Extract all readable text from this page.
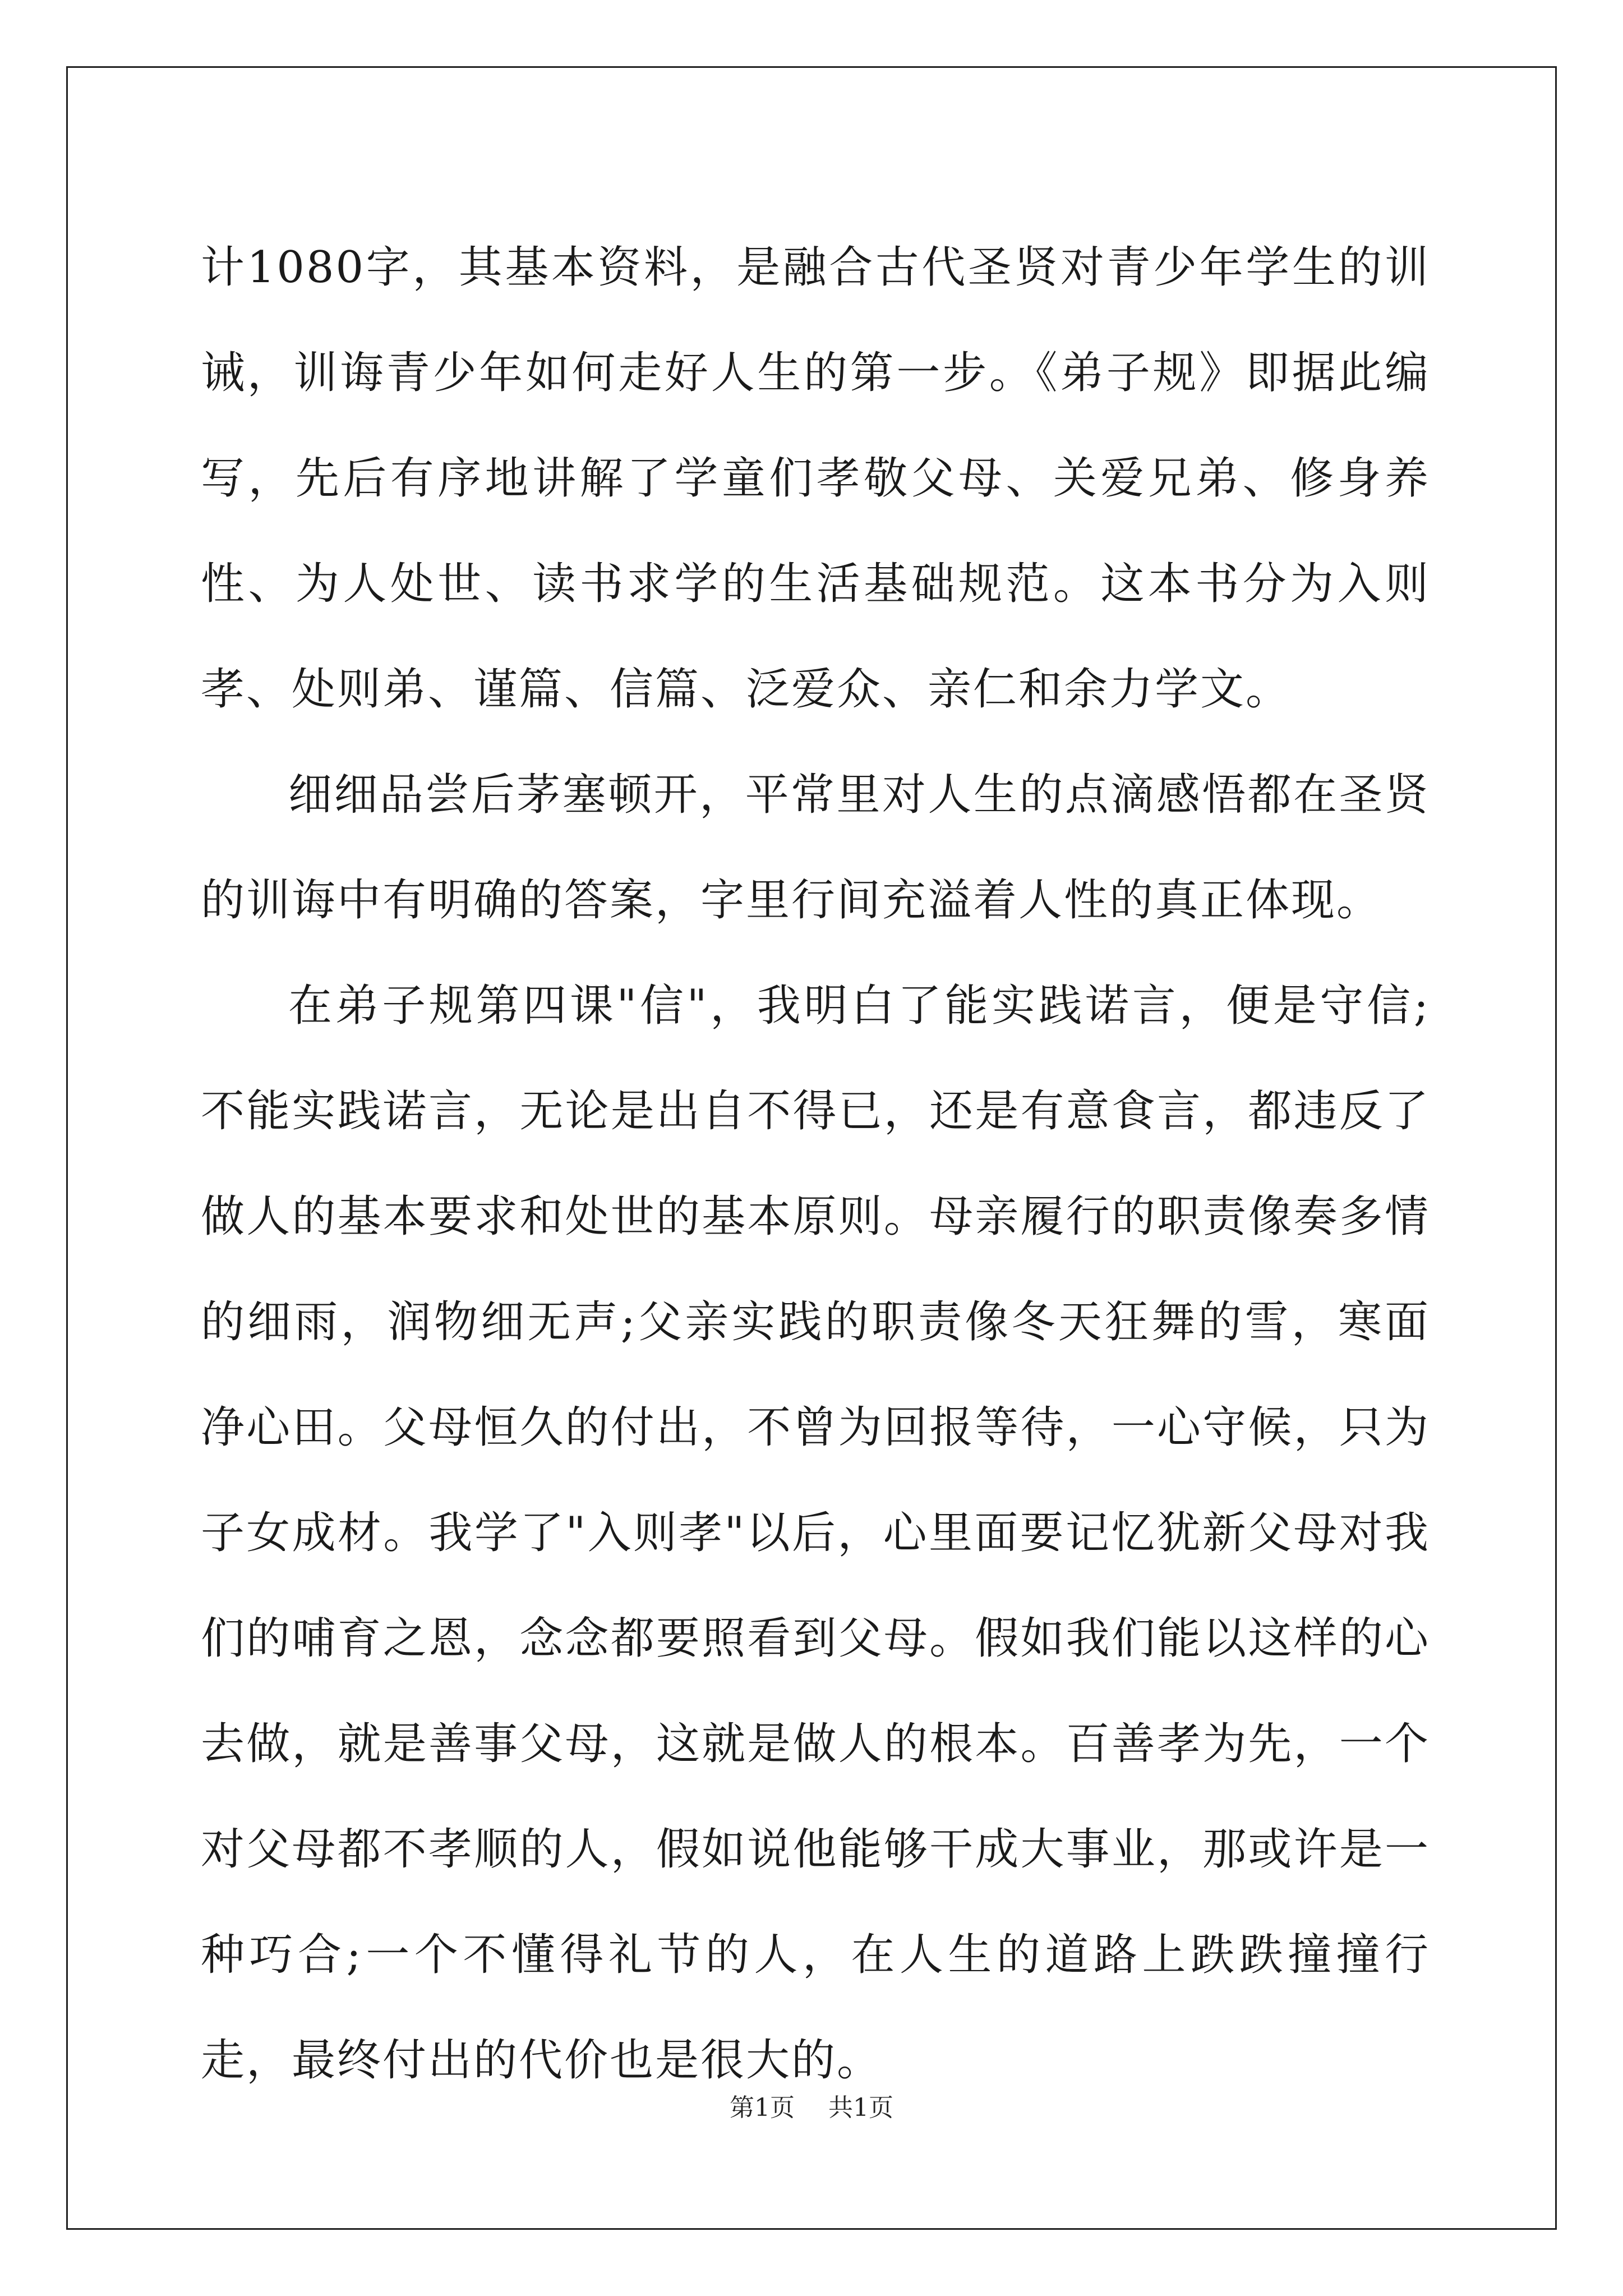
计1080字，其基本资料，是融合古代圣贤对青少年学生的训诫，训诲青少年如何走好人生的第一步。《弟子规》即据此编写，先后有序地讲解了学童们孝敬父母、关爱兄弟、修身养性、为人处世、读书求学的生活基础规范。这本书分为入则孝、处则弟、谨篇、信篇、泛爱众、亲仁和余力学文。

细细品尝后茅塞顿开，平常里对人生的点滴感悟都在圣贤的训诲中有明确的答案，字里行间充溢着人性的真正体现。

在弟子规第四课"信"，我明白了能实践诺言，便是守信;不能实践诺言，无论是出自不得已，还是有意食言，都违反了做人的基本要求和处世的基本原则。母亲履行的职责像奏多情的细雨，润物细无声;父亲实践的职责像冬天狂舞的雪，寒面净心田。父母恒久的付出，不曾为回报等待，一心守候，只为子女成材。我学了"入则孝"以后，心里面要记忆犹新父母对我们的哺育之恩，念念都要照看到父母。假如我们能以这样的心去做，就是善事父母，这就是做人的根本。百善孝为先，一个对父母都不孝顺的人，假如说他能够干成大事业，那或许是一种巧合;一个不懂得礼节的人，在人生的道路上跌跌撞撞行走，最终付出的代价也是很大的。

第1页 共1页
